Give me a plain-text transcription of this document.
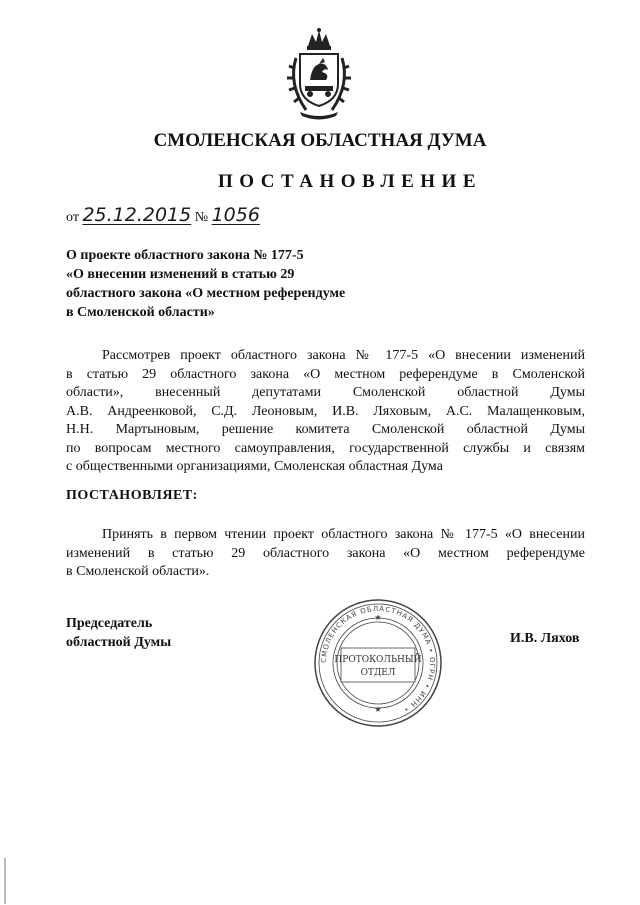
СМОЛЕНСКАЯ ОБЛАСТНАЯ ДУМА
ПОСТАНОВЛЕНИЕ
от 25.12.2015 № 1056
О проекте областного закона № 177-5
«О внесении изменений в статью 29
областного закона «О местном референдуме
в Смоленской области»
Рассмотрев проект областного закона № 177-5 «О внесении изменений
в статью 29 областного закона «О местном референдуме в Смоленской
области», внесенный депутатами Смоленской областной Думы
А.В. Андреенковой, С.Д. Леоновым, И.В. Ляховым, А.С. Малащенковым,
Н.Н. Мартыновым, решение комитета Смоленской областной Думы
по вопросам местного самоуправления, государственной службы и связям
с общественными организациями, Смоленская областная Дума
ПОСТАНОВЛЯЕТ:
Принять в первом чтении проект областного закона № 177-5 «О внесении
изменений в статью 29 областного закона «О местном референдуме
в Смоленской области».
Председатель
областной Думы	И.В. Ляхов
СМОЛЕНСКАЯ ОБЛАСТНАЯ ДУМА • ОГРН • ИНН •
ПРОТОКОЛЬНЫЙ
ОТДЕЛ
★
★
